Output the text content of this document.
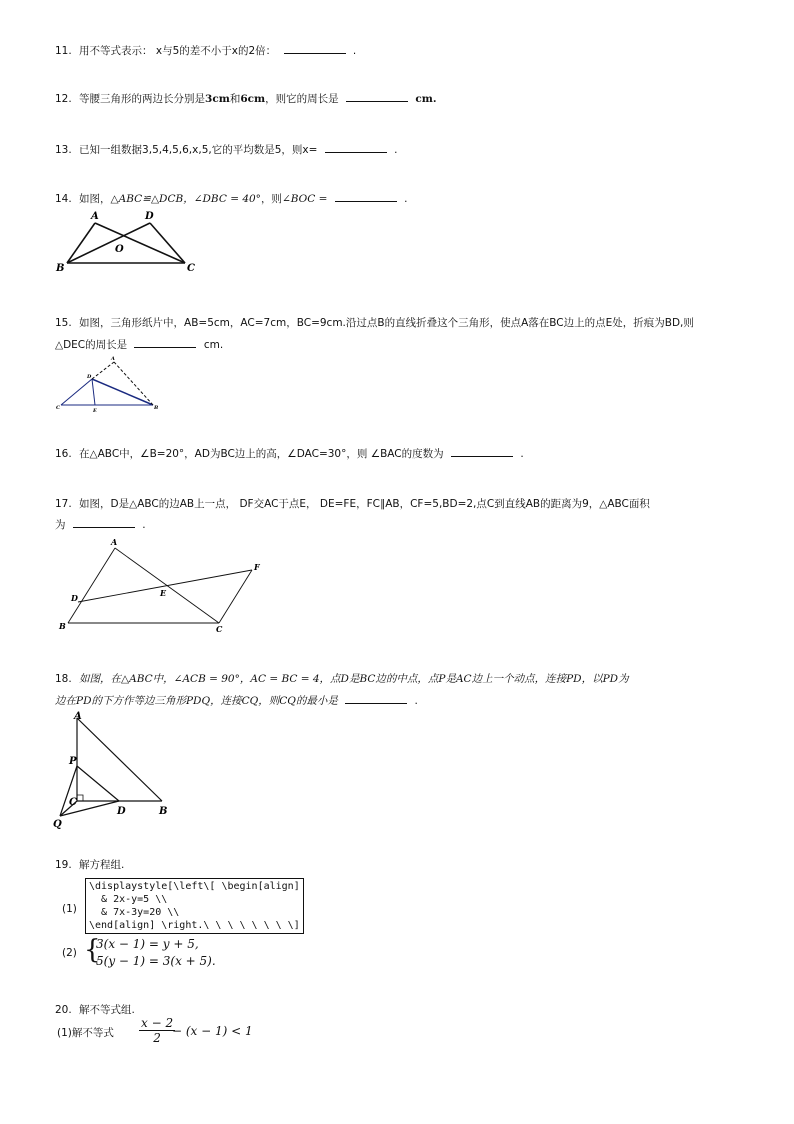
11. 用不等式表示： x与5的差不小于x的2倍：	.
12. 等腰三角形的两边长分别是3cm和6cm，则它的周长是	cm.
13. 已知一组数据3,5,4,5,6,x,5,它的平均数是5，则x=	.
14. 如图，△ABC≌△DCB，∠DBC = 40°，则∠BOC =	.
A	D
O
B	C
15. 如图，三角形纸片中，AB=5cm，AC=7cm，BC=9cm.沿过点B的直线折叠这个三角形，使点A落在BC边上的点E处，折痕为BD,则
△DEC的周长是	cm.
A
D
C	E	B
16. 在△ABC中，∠B=20°，AD为BC边上的高，∠DAC=30°，则 ∠BAC的度数为	.
17. 如图，D是△ABC的边AB上一点， DF交AC于点E， DE=FE，FC∥AB，CF=5,BD=2,点C到直线AB的距离为9，△ABC面积
为	.
A
F
D	E
B	C
18. 如图，在△ABC中，∠ACB = 90°，AC = BC = 4，点D是BC边的中点，点P是AC边上一个动点，连接PD，以PD为
边在PD的下方作等边三角形PDQ，连接CQ，则CQ的最小是	.
A
P
C
D	B
Q
19. 解方程组.
(1)
\displaystyle[\left\[ \begin[align]
& 2x-y=5 \\
& 7x-3y=20 \\
\end[align] \right.\ \ \ \ \ \ \ \]
(2) {
3(x − 1) = y + 5,
5(y − 1) = 3(x + 5).
20. 解不等式组.
(1)解不等式
x − 2
2 − (x − 1) < 1
